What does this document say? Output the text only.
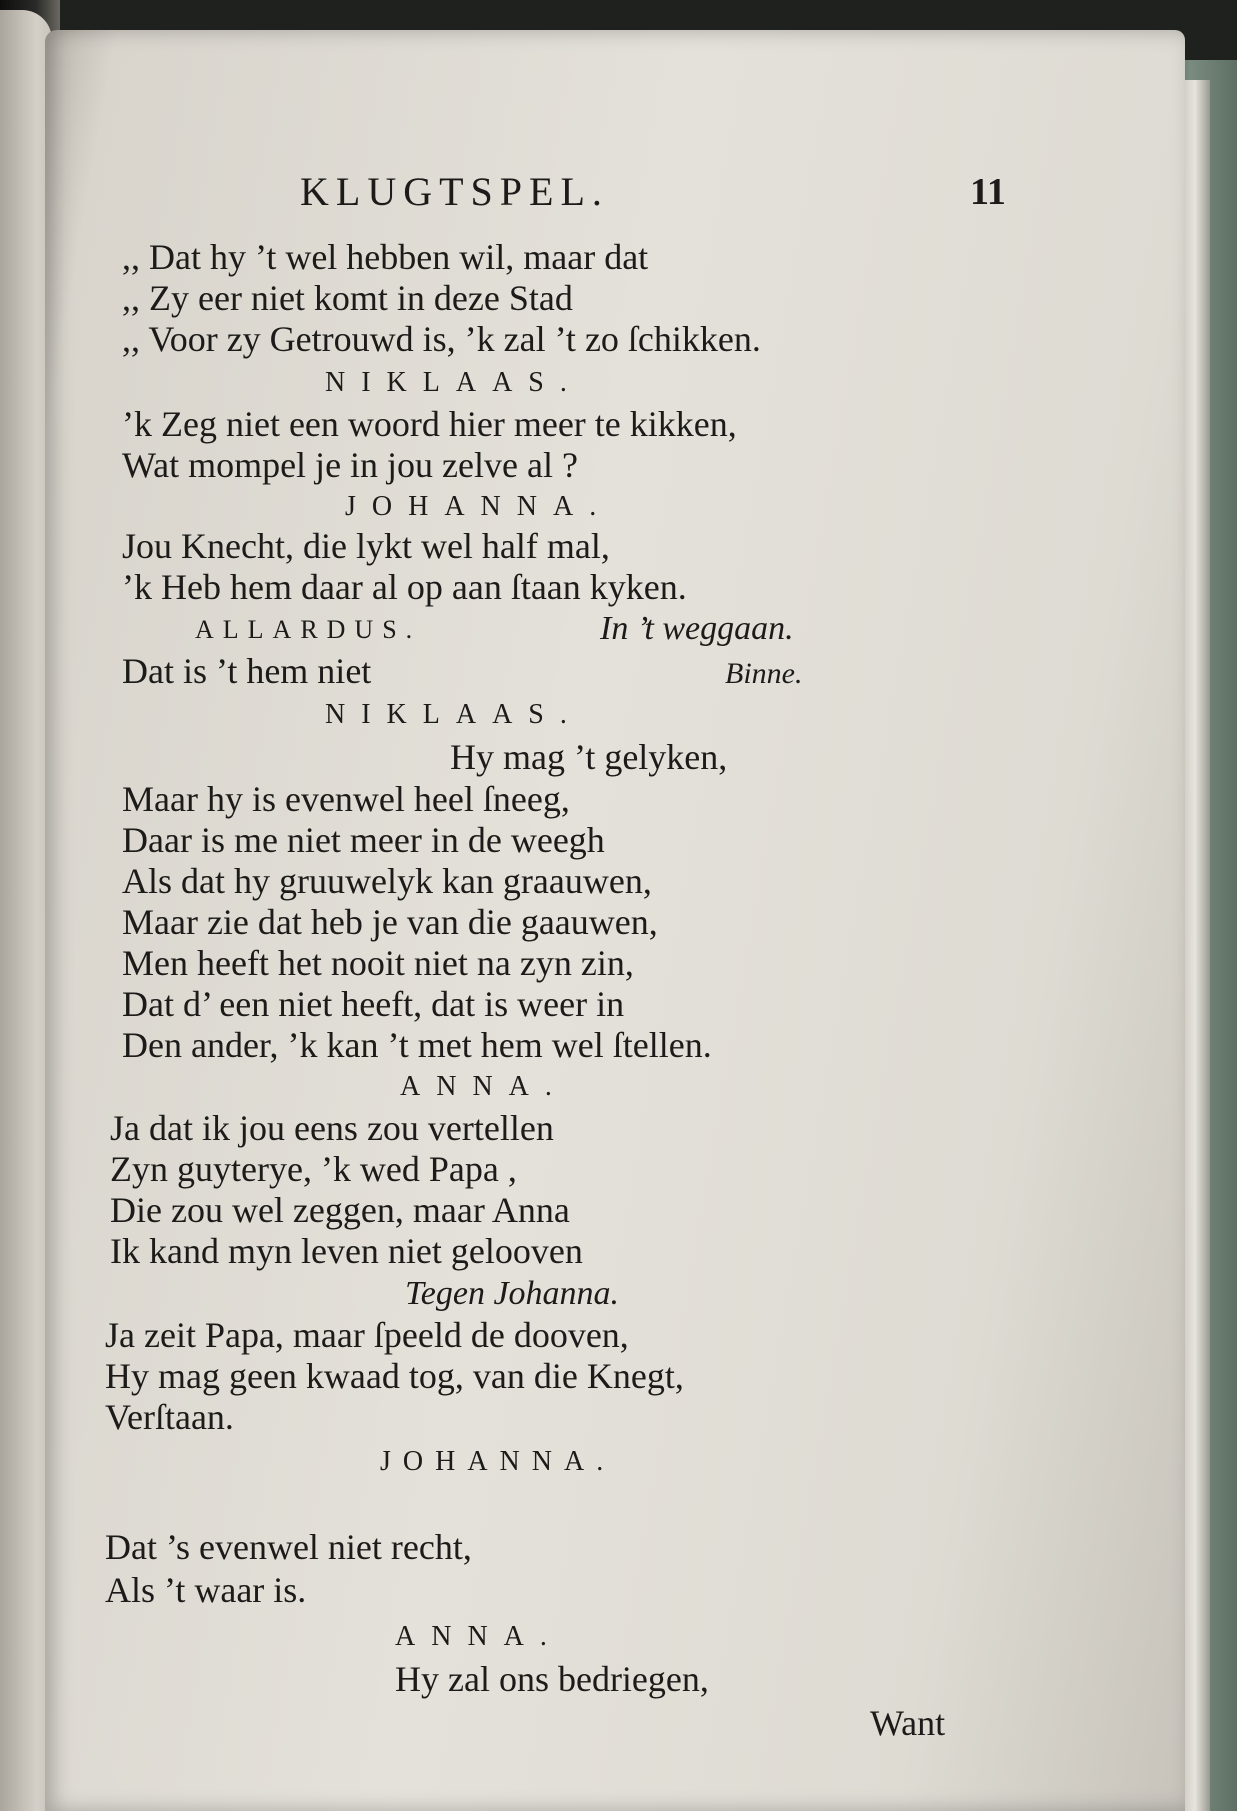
KLUGTSPEL.	11
,, Dat hy ’t wel hebben wil, maar dat
,, Zy eer niet komt in deze Stad
,, Voor zy Getrouwd is, ’k zal ’t zo ſchikken.
NIKLAAS.
’k Zeg niet een woord hier meer te kikken,
Wat mompel je in jou zelve al ?
JOHANNA.
Jou Knecht, die lykt wel half mal,
’k Heb hem daar al op aan ſtaan kyken.
ALLARDUS.	In ’t weggaan.
Dat is ’t hem niet	Binne.
NIKLAAS.
Hy mag ’t gelyken,
Maar hy is evenwel heel ſneeg,
Daar is me niet meer in de weegh
Als dat hy gruuwelyk kan graauwen,
Maar zie dat heb je van die gaauwen,
Men heeft het nooit niet na zyn zin,
Dat d’ een niet heeft, dat is weer in
Den ander, ’k kan ’t met hem wel ſtellen.
ANNA.
Ja dat ik jou eens zou vertellen
Zyn guyterye, ’k wed Papa ,
Die zou wel zeggen, maar Anna
Ik kand myn leven niet gelooven
Tegen Johanna.
Ja zeit Papa, maar ſpeeld de dooven,
Hy mag geen kwaad tog, van die Knegt,
Verſtaan.
JOHANNA.
Dat ’s evenwel niet recht,
Als ’t waar is.
ANNA.
Hy zal ons bedriegen,
Want
